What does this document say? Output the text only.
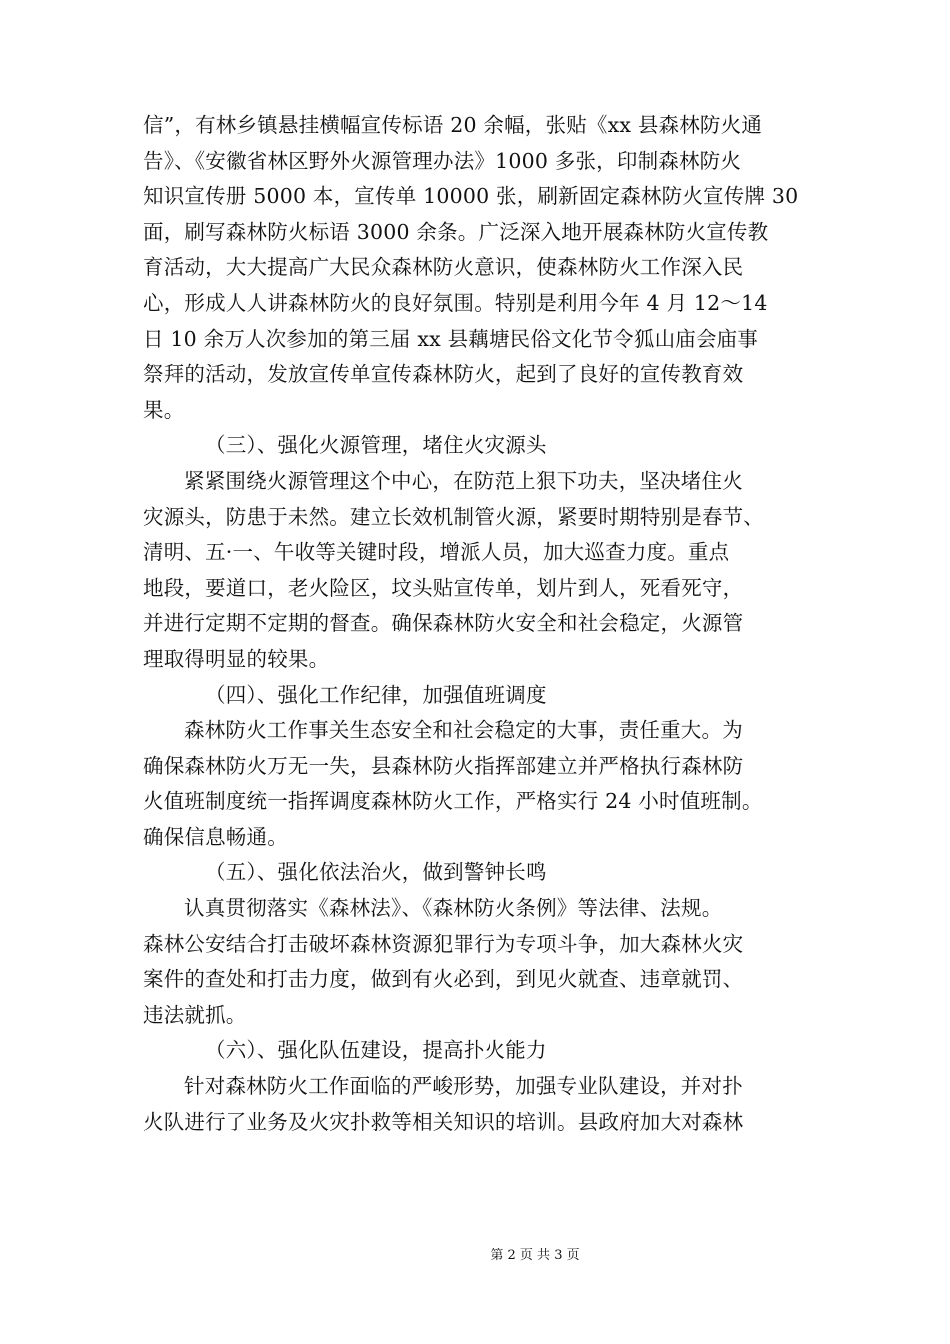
信”，有林乡镇悬挂横幅宣传标语 20 余幅，张贴《xx 县森林防火通
告》、《安徽省林区野外火源管理办法》1000 多张，印制森林防火
知识宣传册 5000 本，宣传单 10000 张，刷新固定森林防火宣传牌 30
面，刷写森林防火标语 3000 余条。广泛深入地开展森林防火宣传教
育活动，大大提高广大民众森林防火意识，使森林防火工作深入民
心，形成人人讲森林防火的良好氛围。特别是利用今年 4 月 12～14
日 10 余万人次参加的第三届 xx 县藕塘民俗文化节令狐山庙会庙事
祭拜的活动，发放宣传单宣传森林防火，起到了良好的宣传教育效
果。
（三）、强化火源管理，堵住火灾源头
紧紧围绕火源管理这个中心，在防范上狠下功夫，坚决堵住火
灾源头，防患于未然。建立长效机制管火源，紧要时期特别是春节、
清明、五·一、午收等关键时段，增派人员，加大巡查力度。重点
地段，要道口，老火险区，坟头贴宣传单，划片到人，死看死守，
并进行定期不定期的督查。确保森林防火安全和社会稳定，火源管
理取得明显的较果。
（四）、强化工作纪律，加强值班调度
森林防火工作事关生态安全和社会稳定的大事，责任重大。为
确保森林防火万无一失，县森林防火指挥部建立并严格执行森林防
火值班制度统一指挥调度森林防火工作，严格实行 24 小时值班制。
确保信息畅通。
（五）、强化依法治火，做到警钟长鸣
认真贯彻落实《森林法》、《森林防火条例》等法律、法规。
森林公安结合打击破坏森林资源犯罪行为专项斗争，加大森林火灾
案件的查处和打击力度，做到有火必到，到见火就查、违章就罚、
违法就抓。
（六）、强化队伍建设，提高扑火能力
针对森林防火工作面临的严峻形势，加强专业队建设，并对扑
火队进行了业务及火灾扑救等相关知识的培训。县政府加大对森林
第 2 页 共 3 页
